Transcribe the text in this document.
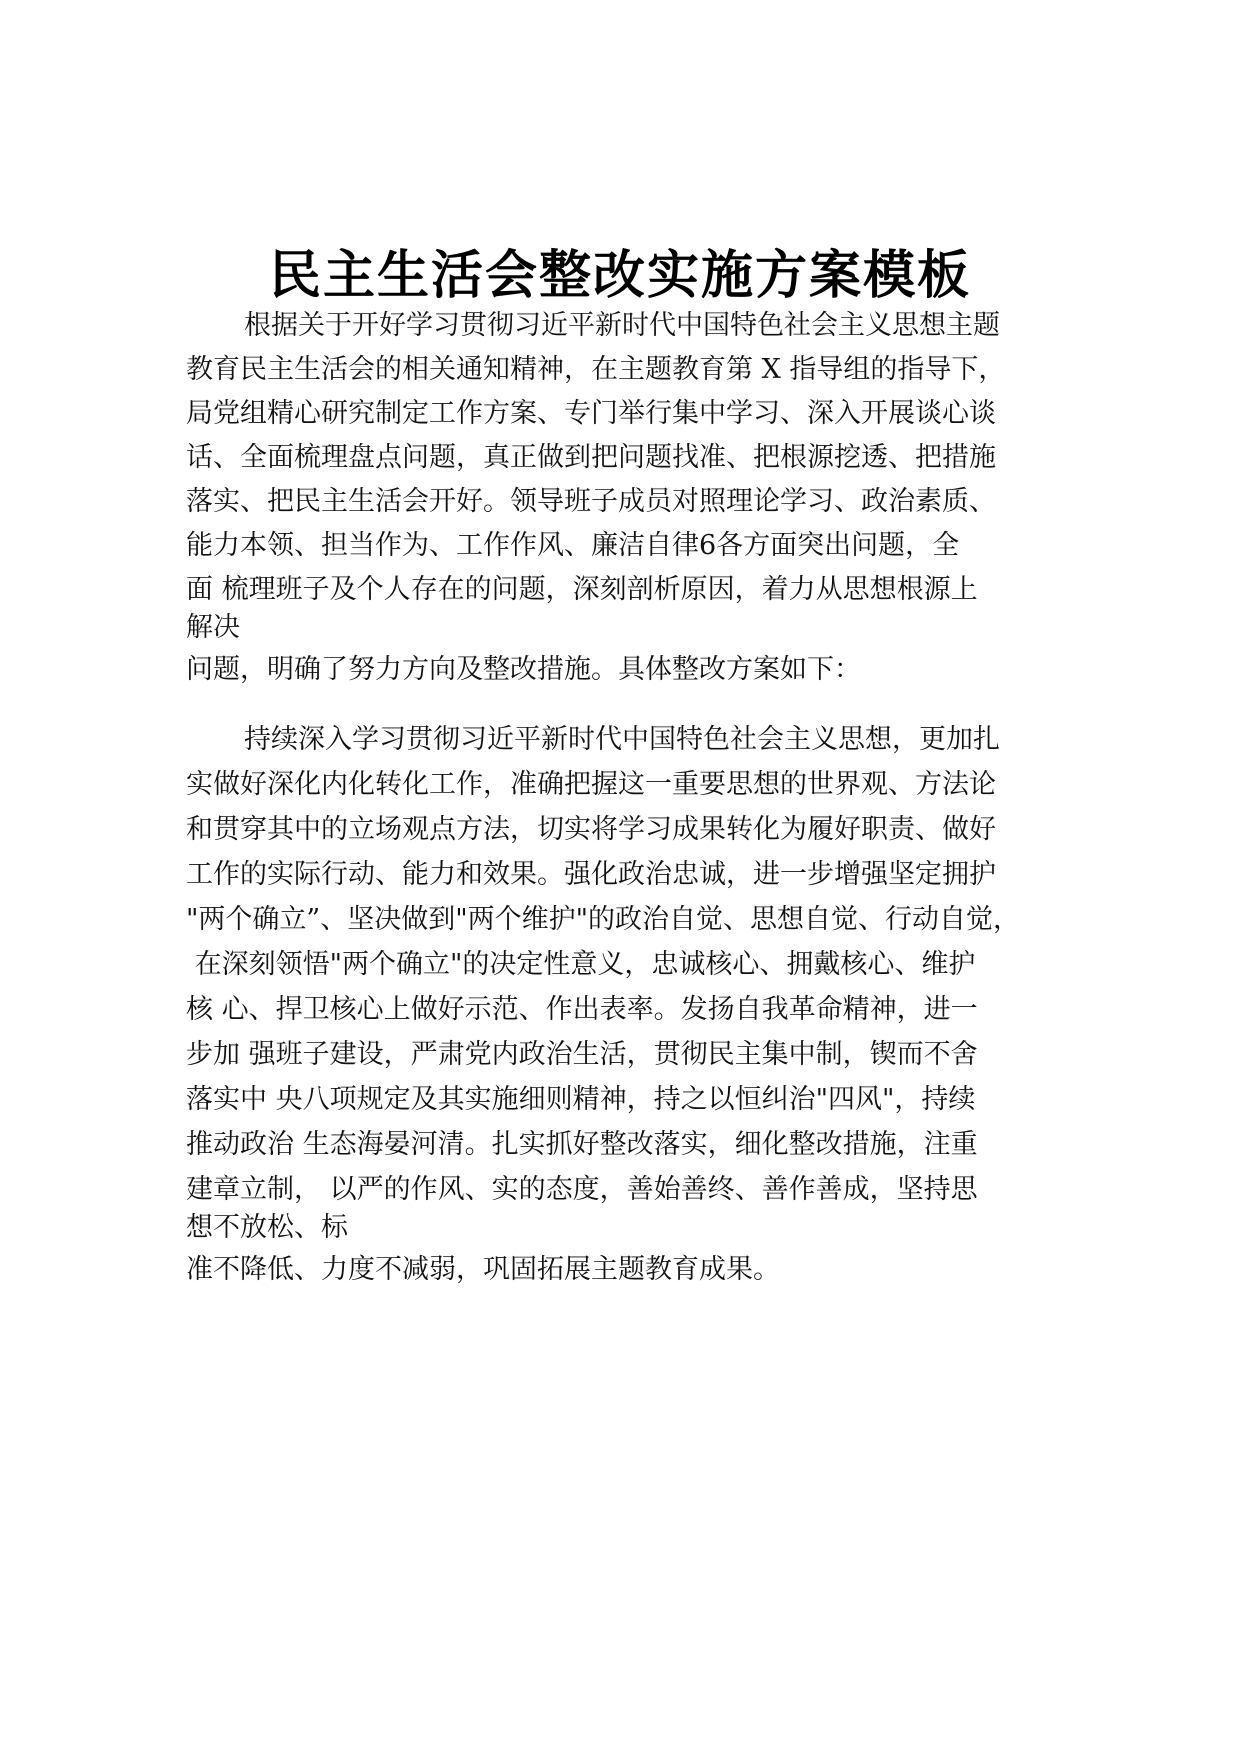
民主生活会整改实施方案模板
根据关于开好学习贯彻习近平新时代中国特色社会主义思想主题
教育民主生活会的相关通知精神，在主题教育第 X 指导组的指导下，
局党组精心研究制定工作方案、专门举行集中学习、深入开展谈心谈
话、全面梳理盘点问题，真正做到把问题找准、把根源挖透、把措施
落实、把民主生活会开好。领导班子成员对照理论学习、政治素质、
能力本领、担当作为、工作作风、廉洁自律6各方面突出问题，全
面 梳理班子及个人存在的问题，深刻剖析原因，着力从思想根源上
解决
问题，明确了努力方向及整改措施。具体整改方案如下：
持续深入学习贯彻习近平新时代中国特色社会主义思想，更加扎
实做好深化内化转化工作，准确把握这一重要思想的世界观、方法论
和贯穿其中的立场观点方法，切实将学习成果转化为履好职责、做好
工作的实际行动、能力和效果。强化政治忠诚，进一步增强坚定拥护
"两个确立”、坚决做到"两个维护"的政治自觉、思想自觉、行动自觉，
在深刻领悟"两个确立"的决定性意义，忠诚核心、拥戴核心、维护
核 心、捍卫核心上做好示范、作出表率。发扬自我革命精神，进一
步加 强班子建设，严肃党内政治生活，贯彻民主集中制，锲而不舍
落实中 央八项规定及其实施细则精神，持之以恒纠治"四风"，持续
推动政治 生态海晏河清。扎实抓好整改落实，细化整改措施，注重
建章立制， 以严的作风、实的态度，善始善终、善作善成，坚持思
想不放松、标
准不降低、力度不减弱，巩固拓展主题教育成果。
